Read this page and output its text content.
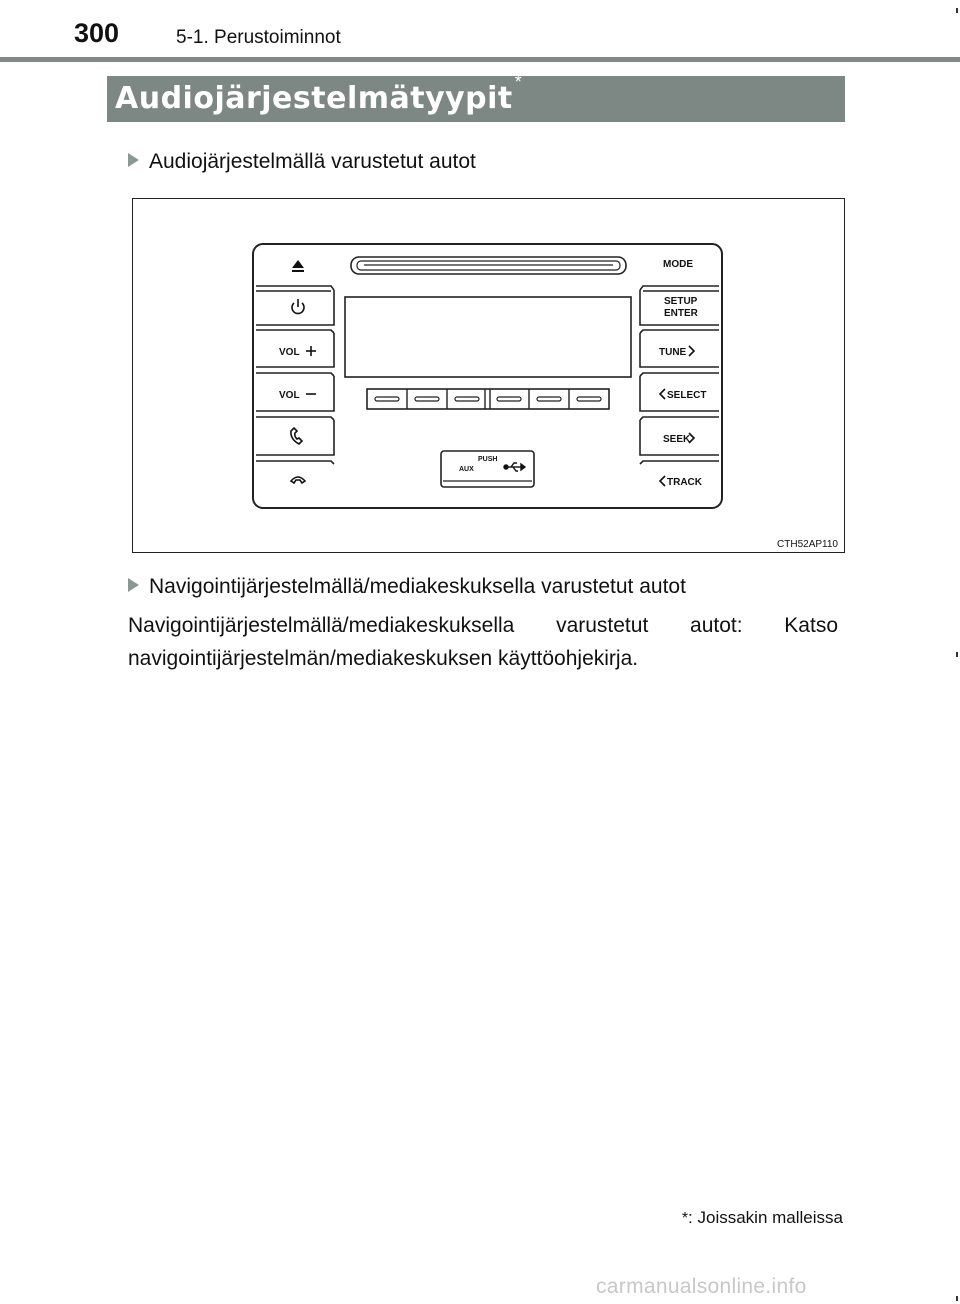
300	5-1. Perustoiminnot
Audiojärjestelmätyypit *
Audiojärjestelmällä varustetut autot
PUSH
AUX
VOL
VOL
MODE
SETUP
ENTER
TUNE
SELECT
SEEK
TRACK
CTH52AP110
Navigointijärjestelmällä/mediakeskuksella varustetut autot
Navigointijärjestelmällä/mediakeskuksella varustetut autot: Katso navigointijärjestelmän/mediakeskuksen käyttöohjekirja.
*: Joissakin malleissa
carmanualsonline.info
